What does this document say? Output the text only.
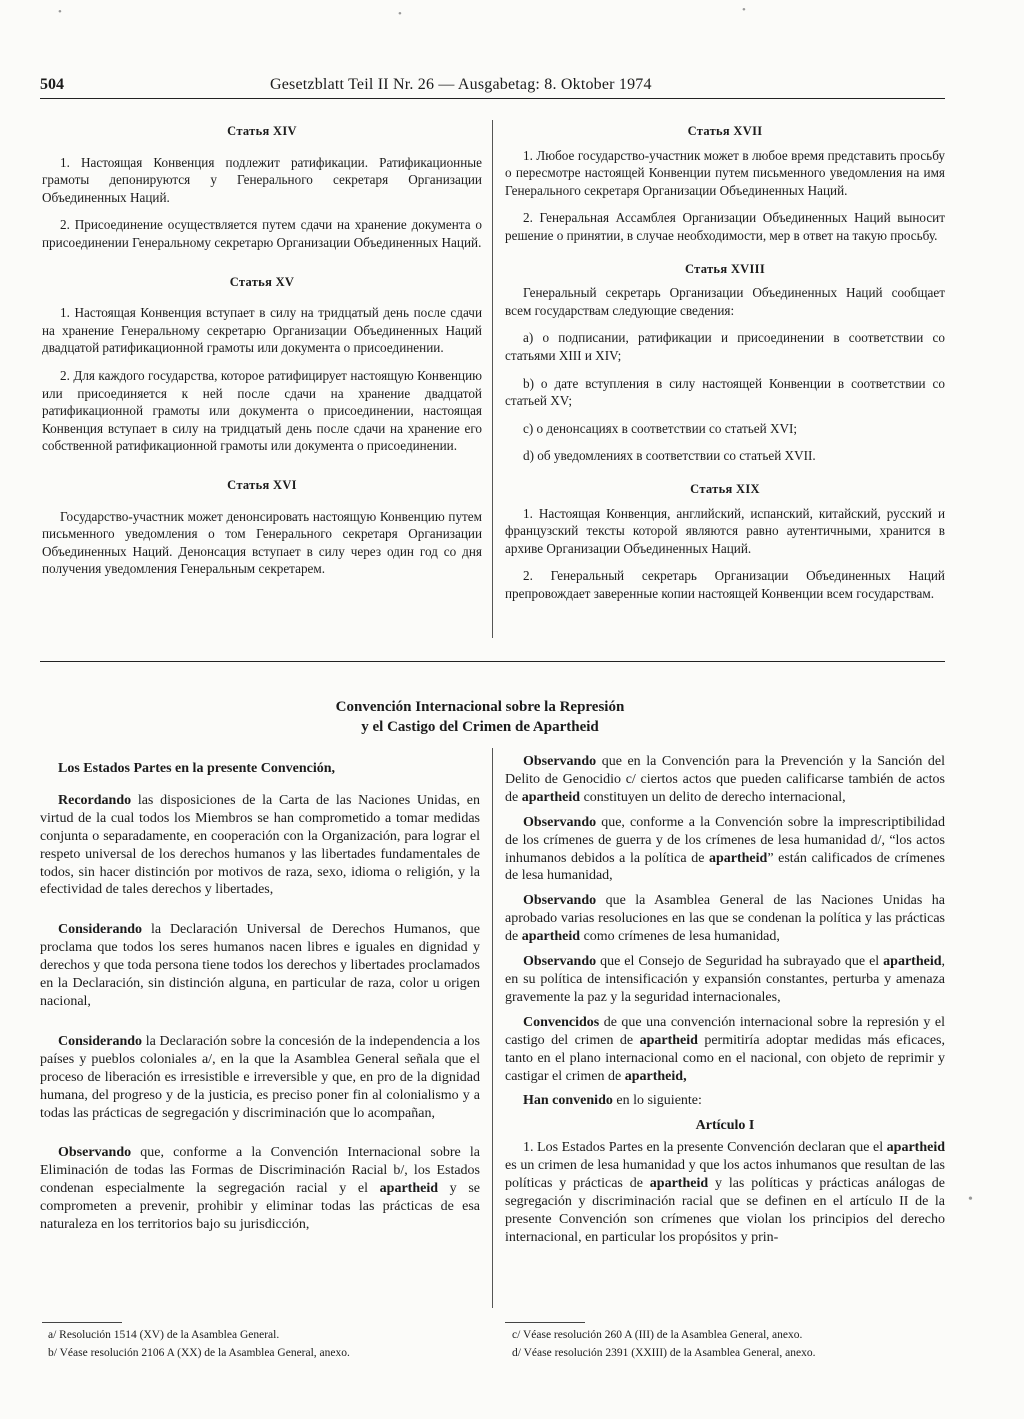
504	Gesetzblatt Teil II Nr. 26 — Ausgabetag: 8. Oktober 1974
Статья XIV

1. Настоящая Конвенция подлежит ратификации. Ратификационные грамоты депонируются у Генерального секретаря Организации Объединенных Наций.

2. Присоединение осуществляется путем сдачи на хранение документа о присоединении Генеральному секретарю Организации Объединенных Наций.

Статья XV

1. Настоящая Конвенция вступает в силу на тридцатый день после сдачи на хранение Генеральному секретарю Организации Объединенных Наций двадцатой ратификационной грамоты или документа о присоединении.

2. Для каждого государства, которое ратифицирует настоящую Конвенцию или присоединяется к ней после сдачи на хранение двадцатой ратификационной грамоты или документа о присоединении, настоящая Конвенция вступает в силу на тридцатый день после сдачи на хранение его собственной ратификационной грамоты или документа о присоединении.

Статья XVI

Государство-участник может денонсировать настоящую Конвенцию путем письменного уведомления о том Генерального секретаря Организации Объединенных Наций. Денонсация вступает в силу через один год со дня получения уведомления Генеральным секретарем.

Статья XVII

1. Любое государство-участник может в любое время представить просьбу о пересмотре настоящей Конвенции путем письменного уведомления на имя Генерального секретаря Организации Объединенных Наций.

2. Генеральная Ассамблея Организации Объединенных Наций выносит решение о принятии, в случае необходимости, мер в ответ на такую просьбу.

Статья XVIII

Генеральный секретарь Организации Объединенных Наций сообщает всем государствам следующие сведения:

a) о подписании, ратификации и присоединении в соответствии со статьями XIII и XIV;

b) о дате вступления в силу настоящей Конвенции в соответствии со статьей XV;

c) о денонсациях в соответствии со статьей XVI;

d) об уведомлениях в соответствии со статьей XVII.

Статья XIX

1. Настоящая Конвенция, английский, испанский, китайский, русский и французский тексты которой являются равно аутентичными, хранится в архиве Организации Объединенных Наций.

2. Генеральный секретарь Организации Объединенных Наций препровождает заверенные копии настоящей Конвенции всем государствам.

Convención Internacional sobre la Represión
y el Castigo del Crimen de Apartheid

Los Estados Partes en la presente Convención,

Recordando las disposiciones de la Carta de las Naciones Unidas, en virtud de la cual todos los Miembros se han comprometido a tomar medidas conjunta o separadamente, en cooperación con la Organización, para lograr el respeto universal de los derechos humanos y las libertades fundamentales de todos, sin hacer distinción por motivos de raza, sexo, idioma o religión, y la efectividad de tales derechos y libertades,

Considerando la Declaración Universal de Derechos Humanos, que proclama que todos los seres humanos nacen libres e iguales en dignidad y derechos y que toda persona tiene todos los derechos y libertades proclamados en la Declaración, sin distinción alguna, en particular de raza, color u origen nacional,

Considerando la Declaración sobre la concesión de la independencia a los países y pueblos coloniales a/, en la que la Asamblea General señala que el proceso de liberación es irresistible e irreversible y que, en pro de la dignidad humana, del progreso y de la justicia, es preciso poner fin al colonialismo y a todas las prácticas de segregación y discriminación que lo acompañan,

Observando que, conforme a la Convención Internacional sobre la Eliminación de todas las Formas de Discriminación Racial b/, los Estados condenan especialmente la segregación racial y el apartheid y se comprometen a prevenir, prohibir y eliminar todas las prácticas de esa naturaleza en los territorios bajo su jurisdicción,

Observando que en la Convención para la Prevención y la Sanción del Delito de Genocidio c/ ciertos actos que pueden calificarse también de actos de apartheid constituyen un delito de derecho internacional,

Observando que, conforme a la Convención sobre la imprescriptibilidad de los crímenes de guerra y de los crímenes de lesa humanidad d/, “los actos inhumanos debidos a la política de apartheid” están calificados de crímenes de lesa humanidad,

Observando que la Asamblea General de las Naciones Unidas ha aprobado varias resoluciones en las que se condenan la política y las prácticas de apartheid como crímenes de lesa humanidad,

Observando que el Consejo de Seguridad ha subrayado que el apartheid, en su política de intensificación y expansión constantes, perturba y amenaza gravemente la paz y la seguridad internacionales,

Convencidos de que una convención internacional sobre la represión y el castigo del crimen de apartheid permitiría adoptar medidas más eficaces, tanto en el plano internacional como en el nacional, con objeto de reprimir y castigar el crimen de apartheid,

Han convenido en lo siguiente:

Artículo I

1. Los Estados Partes en la presente Convención declaran que el apartheid es un crimen de lesa humanidad y que los actos inhumanos que resultan de las políticas y prácticas de apartheid y las políticas y prácticas análogas de segregación y discriminación racial que se definen en el artículo II de la presente Convención son crímenes que violan los principios del derecho internacional, en particular los propósitos y prin-

a/ Resolución 1514 (XV) de la Asamblea General.
b/ Véase resolución 2106 A (XX) de la Asamblea General, anexo.
c/ Véase resolución 260 A (III) de la Asamblea General, anexo.
d/ Véase resolución 2391 (XXIII) de la Asamblea General, anexo.
•	•	•
•
